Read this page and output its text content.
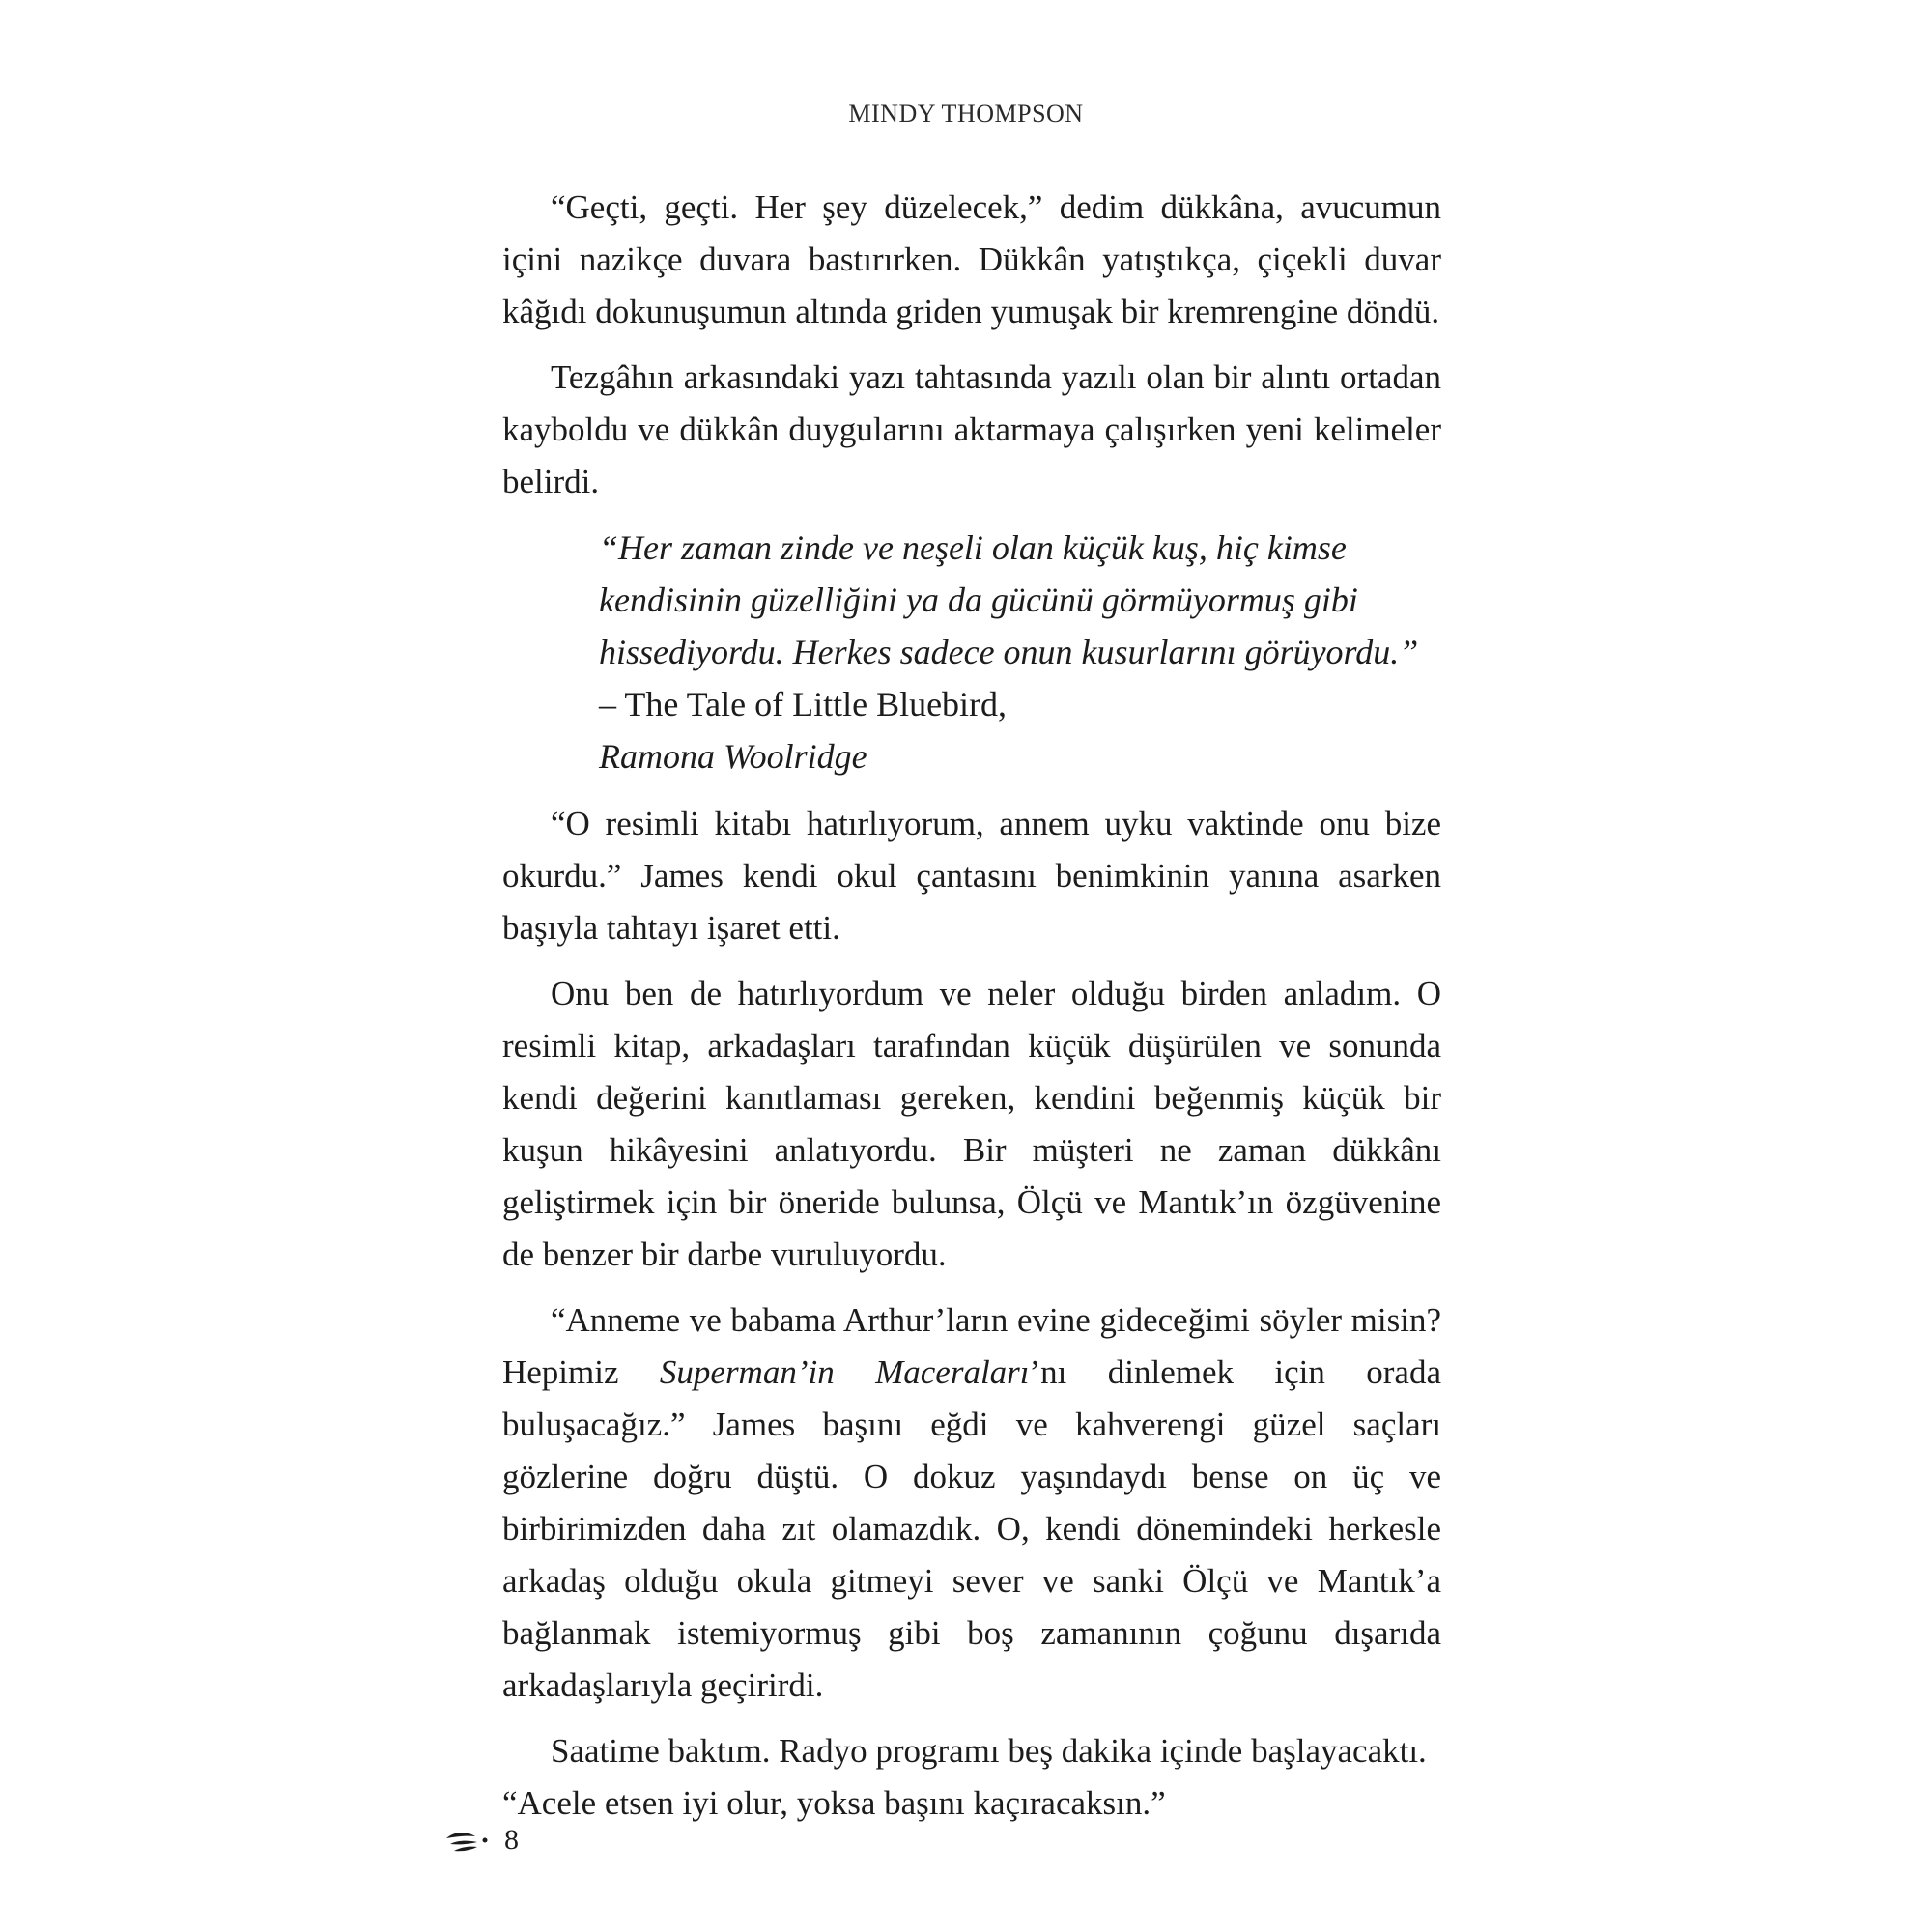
MINDY THOMPSON

“Geçti, geçti. Her şey düzelecek,” dedim dükkâna, avucumun içini nazikçe duvara bastırırken. Dükkân yatıştıkça, çiçekli duvar kâğıdı dokunuşumun altında griden yumuşak bir kremrengine döndü.

Tezgâhın arkasındaki yazı tahtasında yazılı olan bir alıntı ortadan kayboldu ve dükkân duygularını aktarmaya çalışırken yeni kelimeler belirdi.

“Her zaman zinde ve neşeli olan küçük kuş, hiç kimse kendisinin güzelliğini ya da gücünü görmüyormuş gibi hissediyordu. Herkes sadece onun kusurlarını görüyordu.” – The Tale of Little Bluebird,
Ramona Woolridge

“O resimli kitabı hatırlıyorum, annem uyku vaktinde onu bize okurdu.” James kendi okul çantasını benimkinin yanına asarken başıyla tahtayı işaret etti.

Onu ben de hatırlıyordum ve neler olduğu birden anladım. O resimli kitap, arkadaşları tarafından küçük düşürülen ve sonunda kendi değerini kanıtlaması gereken, kendini beğenmiş küçük bir kuşun hikâyesini anlatıyordu. Bir müşteri ne zaman dükkânı geliştirmek için bir öneride bulunsa, Ölçü ve Mantık’ın özgüvenine de benzer bir darbe vuruluyordu.

“Anneme ve babama Arthur’ların evine gideceğimi söyler misin? Hepimiz Superman’in Maceraları’nı dinlemek için orada buluşacağız.” James başını eğdi ve kahverengi güzel saçları gözlerine doğru düştü. O dokuz yaşındaydı bense on üç ve birbirimizden daha zıt olamazdık. O, kendi dönemindeki herkesle arkadaş olduğu okula gitmeyi sever ve sanki Ölçü ve Mantık’a bağlanmak istemiyormuş gibi boş zamanının çoğunu dışarıda arkadaşlarıyla geçirirdi.

Saatime baktım. Radyo programı beş dakika içinde başlayacaktı.
“Acele etsen iyi olur, yoksa başını kaçıracaksın.”

8
